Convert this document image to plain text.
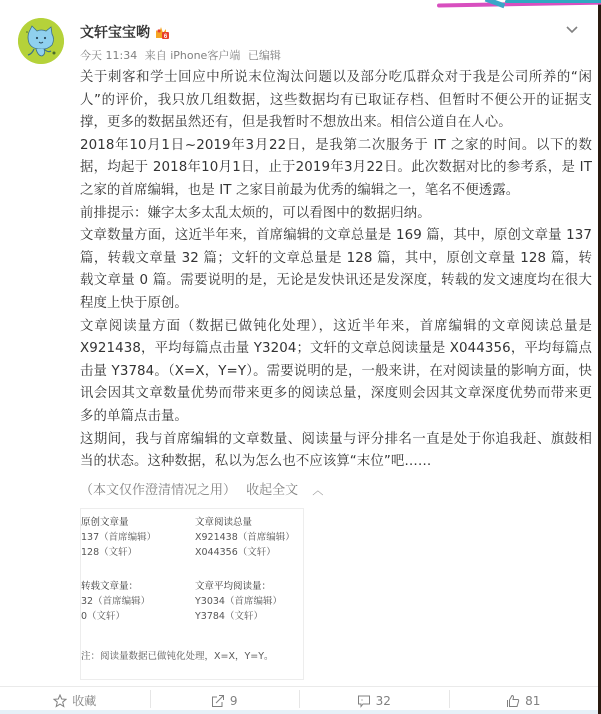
文轩宝宝哟 6
今天 11:34 来自 iPhone客户端 已编辑

关于刺客和学士回应中所说末位淘汰问题以及部分吃瓜群众对于我是公司所养的“闲人”的评价，我只放几组数据，这些数据均有已取证存档、但暂时不便公开的证据支撑，更多的数据虽然还有，但是我暂时不想放出来。相信公道自在人心。

2018年10月1日~2019年3月22日，是我第二次服务于 IT 之家的时间。以下的数据，均起于 2018年10月1日，止于2019年3月22日。此次数据对比的参考系，是 IT 之家的首席编辑，也是 IT 之家目前最为优秀的编辑之一，笔名不便透露。

前排提示：嫌字太多太乱太烦的，可以看图中的数据归纳。

文章数量方面，这近半年来，首席编辑的文章总量是 169 篇，其中，原创文章量 137 篇，转载文章量 32 篇；文轩的文章总量是 128 篇，其中，原创文章量 128 篇，转载文章量 0 篇。需要说明的是，无论是发快讯还是发深度，转载的发文速度均在很大程度上快于原创。

文章阅读量方面（数据已做钝化处理），这近半年来，首席编辑的文章阅读总量是 X921438，平均每篇点击量 Y3204；文轩的文章总阅读量是 X044356，平均每篇点击量 Y3784。（X=X，Y=Y）。需要说明的是，一般来讲，在对阅读量的影响方面，快讯会因其文章数量优势而带来更多的阅读总量，深度则会因其文章深度优势而带来更多的单篇点击量。

这期间，我与首席编辑的文章数量、阅读量与评分排名一直是处于你追我赶、旗鼓相当的状态。这种数据，私以为怎么也不应该算“末位”吧……

（本文仅作澄清情况之用） 收起全文 ︿
原创文章量
137（首席编辑）
128（文轩）
文章阅读总量
X921438（首席编辑）
X044356（文轩）
转载文章量：
32（首席编辑）
0（文轩）
文章平均阅读量：
Y3034（首席编辑）
Y3784（文轩）
注：阅读量数据已做钝化处理，X=X，Y=Y。
收藏	9	32	81
